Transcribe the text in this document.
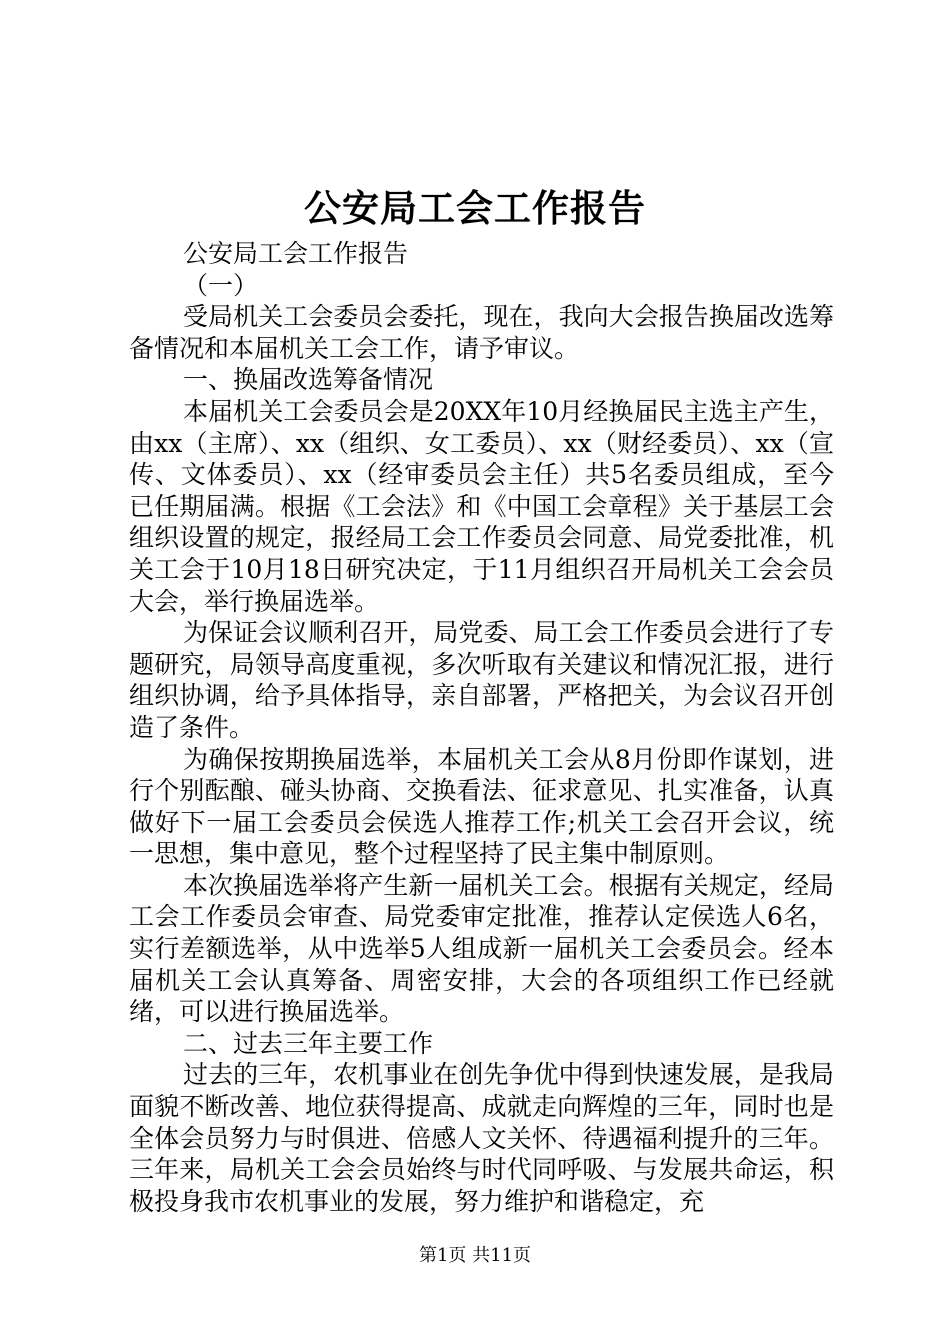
公安局工会工作报告

公安局工会工作报告

（一）

受局机关工会委员会委托，现在，我向大会报告换届改选筹备情况和本届机关工会工作，请予审议。

一、换届改选筹备情况

本届机关工会委员会是20XX年10月经换届民主选主产生，由xx（主席）、xx（组织、女工委员）、xx（财经委员）、xx（宣传、文体委员）、xx（经审委员会主任）共5名委员组成，至今已任期届满。根据《工会法》和《中国工会章程》关于基层工会组织设置的规定，报经局工会工作委员会同意、局党委批准，机关工会于10月18日研究决定，于11月组织召开局机关工会会员大会，举行换届选举。

为保证会议顺利召开，局党委、局工会工作委员会进行了专题研究，局领导高度重视，多次听取有关建议和情况汇报，进行组织协调，给予具体指导，亲自部署，严格把关，为会议召开创造了条件。

为确保按期换届选举，本届机关工会从8月份即作谋划，进行个别酝酿、碰头协商、交换看法、征求意见、扎实准备，认真做好下一届工会委员会侯选人推荐工作;机关工会召开会议，统一思想，集中意见，整个过程坚持了民主集中制原则。

本次换届选举将产生新一届机关工会。根据有关规定，经局工会工作委员会审查、局党委审定批准，推荐认定侯选人6名，实行差额选举，从中选举5人组成新一届机关工会委员会。经本届机关工会认真筹备、周密安排，大会的各项组织工作已经就绪，可以进行换届选举。

二、过去三年主要工作

过去的三年，农机事业在创先争优中得到快速发展，是我局面貌不断改善、地位获得提高、成就走向辉煌的三年，同时也是全体会员努力与时俱进、倍感人文关怀、待遇福利提升的三年。三年来，局机关工会会员始终与时代同呼吸、与发展共命运，积极投身我市农机事业的发展，努力维护和谐稳定，充

第1页 共11页
